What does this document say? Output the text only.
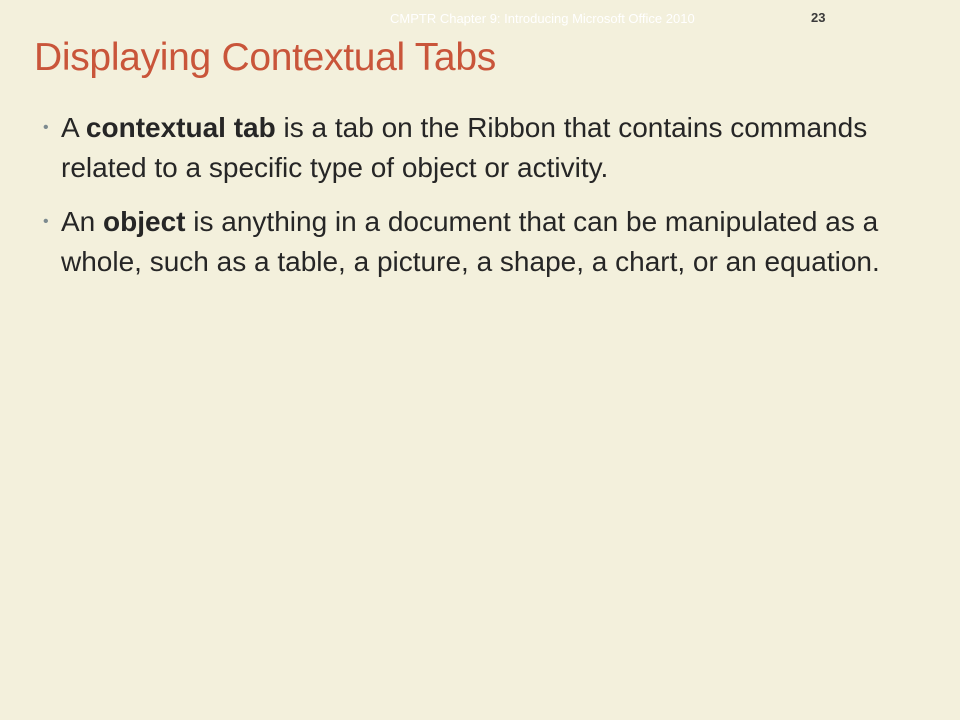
CMPTR Chapter 9: Introducing Microsoft Office 2010	23
Displaying Contextual Tabs
• A contextual tab is a tab on the Ribbon that contains commands related to a specific type of object or activity.
• An object is anything in a document that can be manipulated as a whole, such as a table, a picture, a shape, a chart, or an equation.
